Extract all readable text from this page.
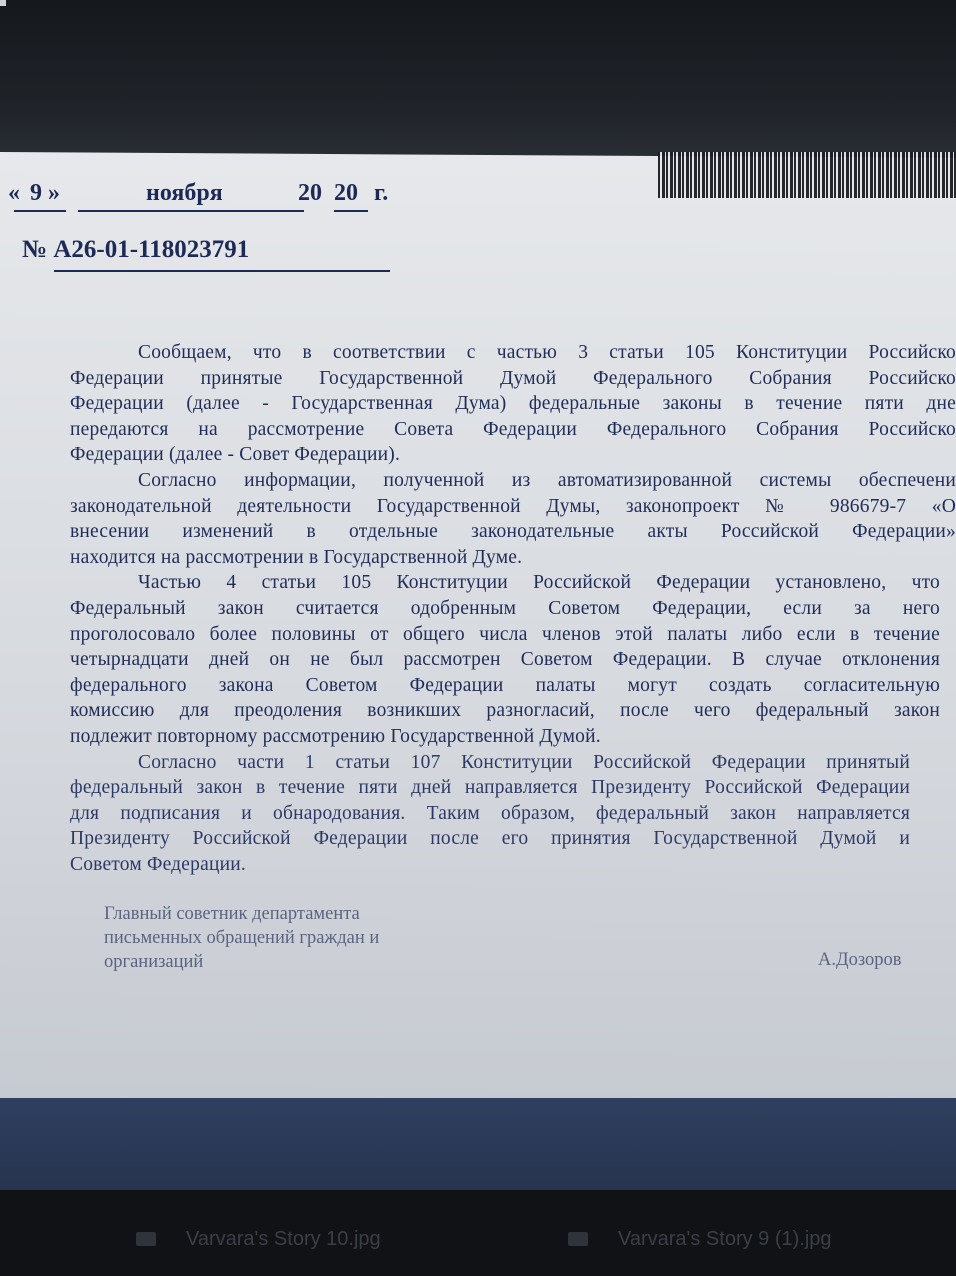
« 9 »	ноября	20 20 г.
№ А26-01-118023791

Сообщаем, что в соответствии с частью 3 статьи 105 Конституции Российско
Федерации принятые Государственной Думой Федерального Собрания Российско
Федерации (далее - Государственная Дума) федеральные законы в течение пяти дне
передаются на рассмотрение Совета Федерации Федерального Собрания Российско
Федерации (далее - Совет Федерации).

Согласно информации, полученной из автоматизированной системы обеспечени
законодательной деятельности Государственной Думы, законопроект № 986679-7 «О
внесении изменений в отдельные законодательные акты Российской Федерации»
находится на рассмотрении в Государственной Думе.

Частью 4 статьи 105 Конституции Российской Федерации установлено, что
Федеральный закон считается одобренным Советом Федерации, если за него
проголосовало более половины от общего числа членов этой палаты либо если в течение
четырнадцати дней он не был рассмотрен Советом Федерации. В случае отклонения
федерального закона Советом Федерации палаты могут создать согласительную
комиссию для преодоления возникших разногласий, после чего федеральный закон
подлежит повторному рассмотрению Государственной Думой.

Согласно части 1 статьи 107 Конституции Российской Федерации принятый
федеральный закон в течение пяти дней направляется Президенту Российской Федерации
для подписания и обнародования. Таким образом, федеральный закон направляется
Президенту Российской Федерации после его принятия Государственной Думой и
Советом Федерации.

Главный советник департамента
письменных обращений граждан и
организаций	А.Дозоров
Varvara's Story 10.jpg	Varvara's Story 9 (1).jpg
